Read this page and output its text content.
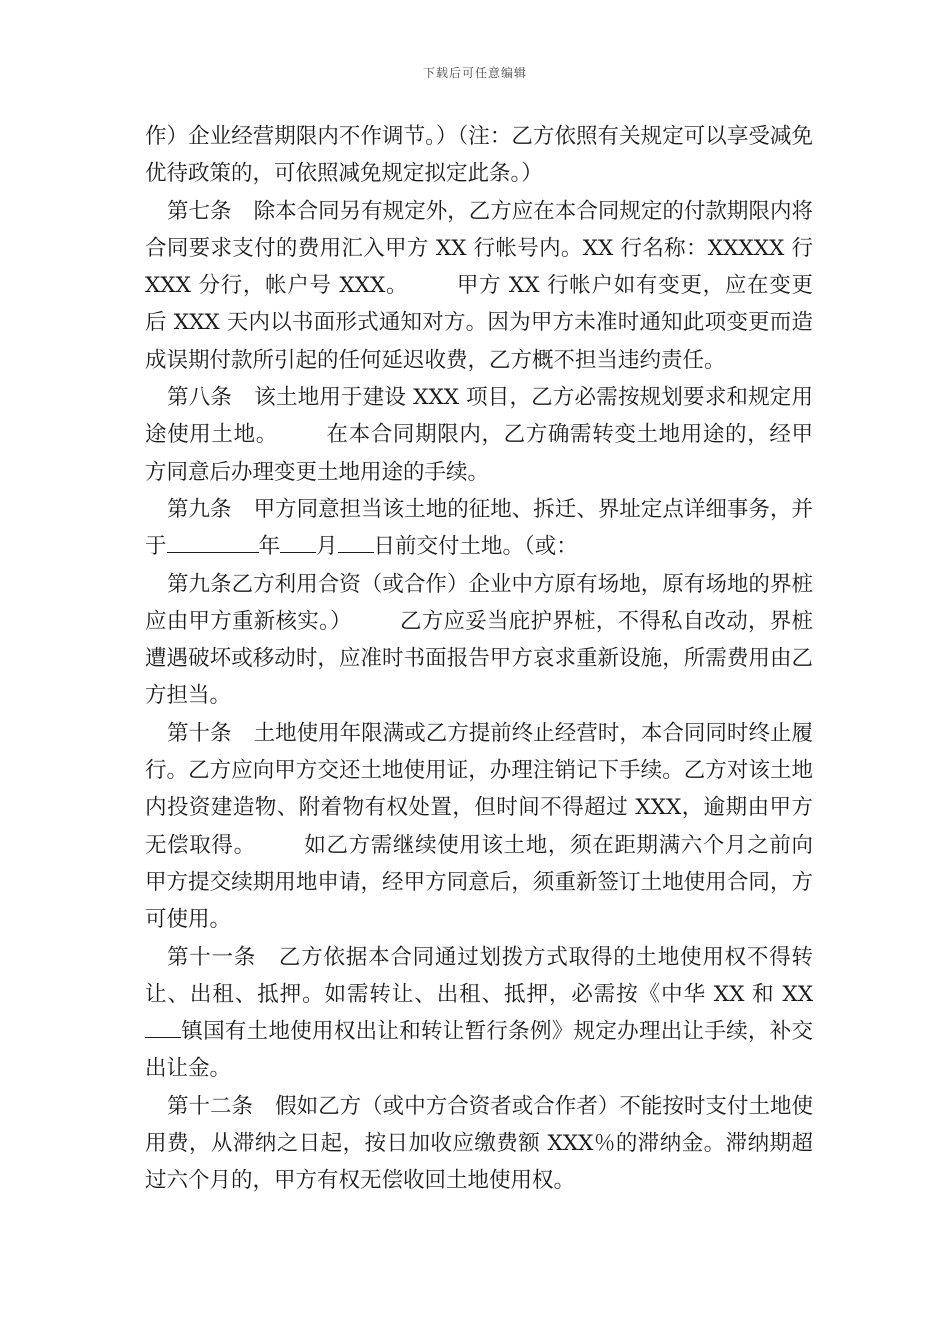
下载后可任意编辑

作）企业经营期限内不作调节。）（注：乙方依照有关规定可以享受减免优待政策的，可依照减免规定拟定此条。）

第七条 除本合同另有规定外，乙方应在本合同规定的付款期限内将合同要求支付的费用汇入甲方 XX 行帐号内。XX 行名称：XXXXX 行 XXX 分行，帐户号 XXX。 甲方 XX 行帐户如有变更，应在变更后 XXX 天内以书面形式通知对方。因为甲方未准时通知此项变更而造成误期付款所引起的任何延迟收费，乙方概不担当违约责任。

第八条 该土地用于建设 XXX 项目，乙方必需按规划要求和规定用途使用土地。 在本合同期限内，乙方确需转变土地用途的，经甲方同意后办理变更土地用途的手续。

第九条 甲方同意担当该土地的征地、拆迁、界址定点详细事务，并于	年 月 日前交付土地。（或：

第九条乙方利用合资（或合作）企业中方原有场地，原有场地的界桩应由甲方重新核实。） 乙方应妥当庇护界桩，不得私自改动，界桩遭遇破坏或移动时，应准时书面报告甲方哀求重新设施，所需费用由乙方担当。

第十条 土地使用年限满或乙方提前终止经营时，本合同同时终止履行。乙方应向甲方交还土地使用证，办理注销记下手续。乙方对该土地内投资建造物、附着物有权处置，但时间不得超过 XXX，逾期由甲方无偿取得。 如乙方需继续使用该土地，须在距期满六个月之前向甲方提交续期用地申请，经甲方同意后，须重新签订土地使用合同，方可使用。

第十一条 乙方依据本合同通过划拨方式取得的土地使用权不得转让、出租、抵押。如需转让、出租、抵押，必需按《中华 XX 和 XX镇国有土地使用权出让和转让暂行条例》规定办理出让手续，补交出让金。

第十二条 假如乙方（或中方合资者或合作者）不能按时支付土地使用费，从滞纳之日起，按日加收应缴费额 XXX％的滞纳金。滞纳期超过六个月的，甲方有权无偿收回土地使用权。
